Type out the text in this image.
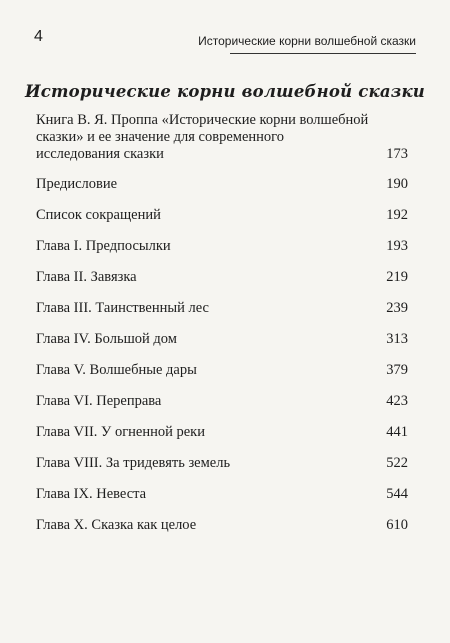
4	Исторические корни волшебной сказки
Исторические корни волшебной сказки
Книга В. Я. Проппа «Исторические корни волшебной
сказки» и ее значение для современного
исследования сказки	173
Предисловие	190
Список сокращений	192
Глава I. Предпосылки	193
Глава II. Завязка	219
Глава III. Таинственный лес	239
Глава IV. Большой дом	313
Глава V. Волшебные дары	379
Глава VI. Переправа	423
Глава VII. У огненной реки	441
Глава VIII. За тридевять земель	522
Глава IX. Невеста	544
Глава X. Сказка как целое	610
